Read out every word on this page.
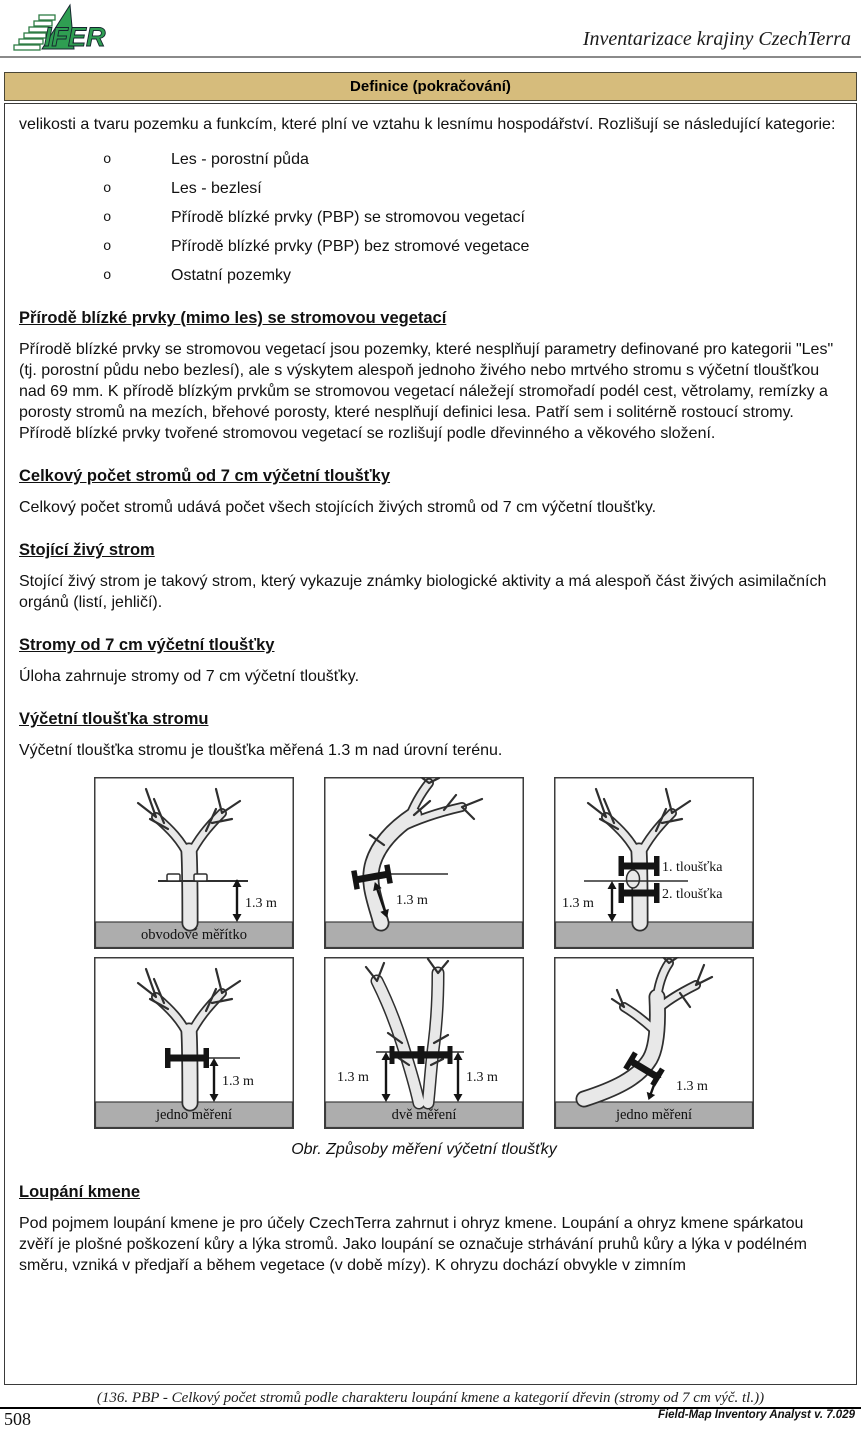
IFER	Inventarizace krajiny CzechTerra
Definice (pokračování)

velikosti a tvaru pozemku a funkcím, které plní ve vztahu k lesnímu hospodářství. Rozlišují se následující kategorie:

o	Les - porostní půda
o	Les - bezlesí
o	Přírodě blízké prvky (PBP) se stromovou vegetací
o	Přírodě blízké prvky (PBP) bez stromové vegetace
o	Ostatní pozemky
Přírodě blízké prvky (mimo les) se stromovou vegetací

Přírodě blízké prvky se stromovou vegetací jsou pozemky, které nesplňují parametry definované pro kategorii "Les" (tj. porostní půdu nebo bezlesí), ale s výskytem alespoň jednoho živého nebo mrtvého stromu s výčetní tloušťkou nad 69 mm. K přírodě blízkým prvkům se stromovou vegetací náležejí stromořadí podél cest, větrolamy, remízky a porosty stromů na mezích, břehové porosty, které nesplňují definici lesa. Patří sem i solitérně rostoucí stromy. Přírodě blízké prvky tvořené stromovou vegetací se rozlišují podle dřevinného a věkového složení.

Celkový počet stromů od 7 cm výčetní tloušťky

Celkový počet stromů udává počet všech stojících živých stromů od 7 cm výčetní tloušťky.

Stojící živý strom

Stojící živý strom je takový strom, který vykazuje známky biologické aktivity a má alespoň část živých asimilačních orgánů (listí, jehličí).

Stromy od 7 cm výčetní tloušťky

Úloha zahrnuje stromy od 7 cm výčetní tloušťky.

Výčetní tloušťka stromu

Výčetní tloušťka stromu je tloušťka měřená 1.3 m nad úrovní terénu.

1.3 m
obvodové měřítko
1.3 m	1.3 m
1. tloušťka
2. tloušťka
1.3 m
jedno měření
1.3 m	1.3 m
dvě měření
1.3 m
jedno měření

Obr. Způsoby měření výčetní tloušťky

Loupání kmene

Pod pojmem loupání kmene je pro účely CzechTerra zahrnut i ohryz kmene. Loupání a ohryz kmene spárkatou zvěří je plošné poškození kůry a lýka stromů. Jako loupání se označuje strhávání pruhů kůry a lýka v podélném směru, vzniká v předjaří a během vegetace (v době mízy). K ohryzu dochází obvykle v zimním

(136. PBP - Celkový počet stromů podle charakteru loupání kmene a kategorií dřevin (stromy od 7 cm výč. tl.))
508	Field-Map Inventory Analyst v. 7.029
